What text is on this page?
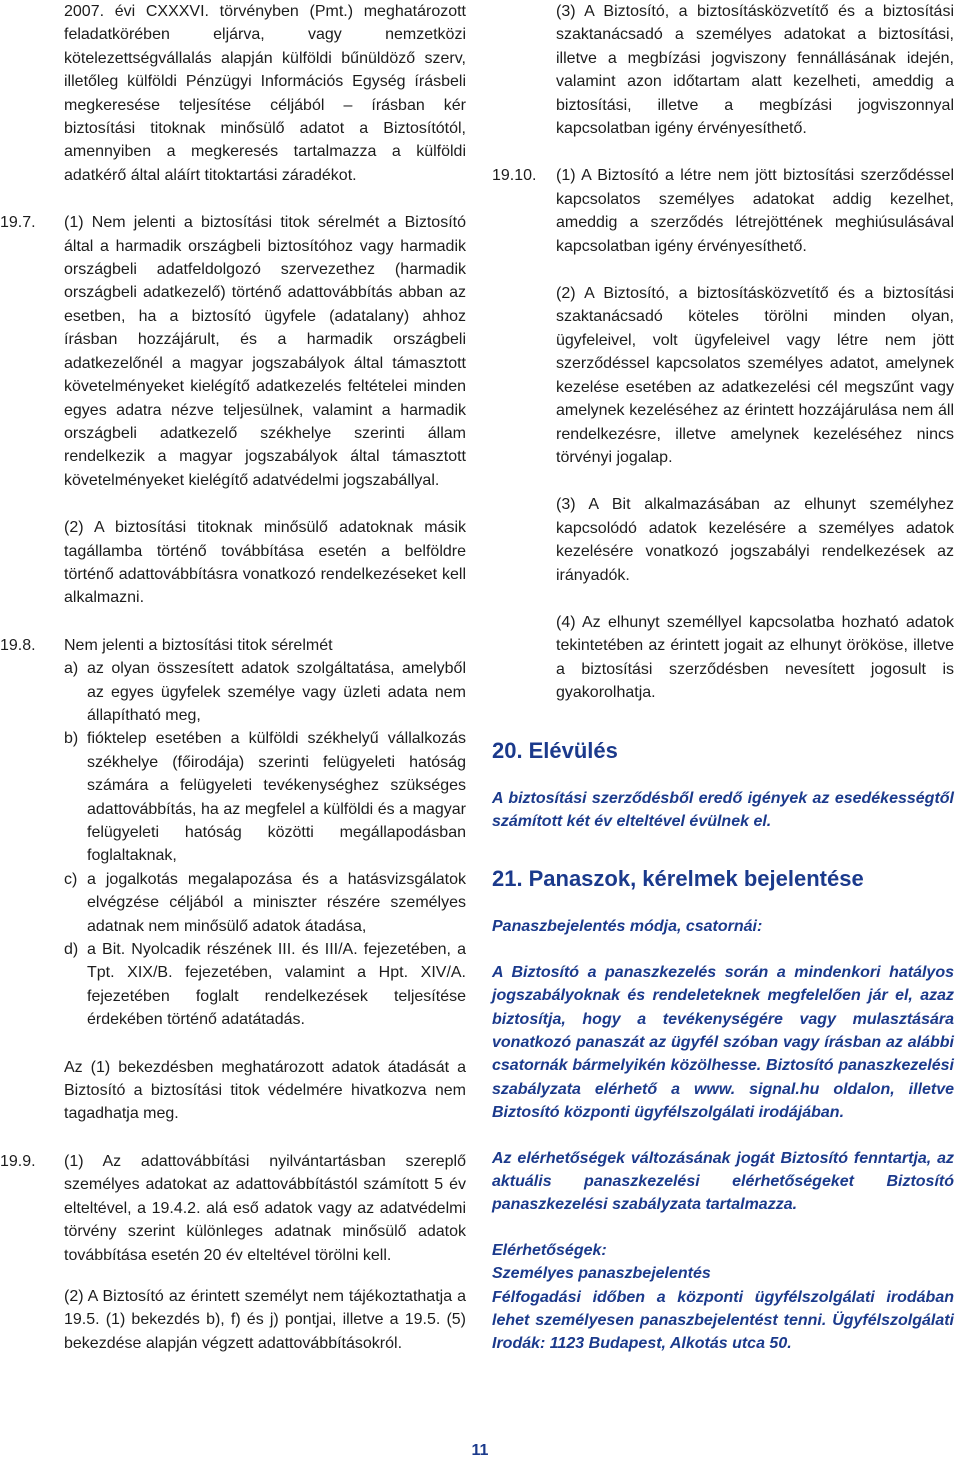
2007. évi CXXXVI. törvényben (Pmt.) meghatározott feladatkörében eljárva, vagy nemzetközi kötelezettségvállalás alapján külföldi bűnüldöző szerv, illetőleg külföldi Pénzügyi Információs Egység írásbeli megkeresése teljesítése céljából – írásban kér biztosítási titoknak minősülő adatot a Biztosítótól, amennyiben a megkeresés tartalmazza a külföldi adatkérő által aláírt titoktartási záradékot.

19.7.	(1) Nem jelenti a biztosítási titok sérelmét a Biztosító által a harmadik országbeli biztosítóhoz vagy harmadik országbeli adatfeldolgozó szervezethez (harmadik országbeli adatkezelő) történő adattovábbítás abban az esetben, ha a biztosító ügyfele (adatalany) ahhoz írásban hozzájárult, és a harmadik országbeli adatkezelőnél a magyar jogszabályok által támasztott követelményeket kielégítő adatkezelés feltételei minden egyes adatra nézve teljesülnek, valamint a harmadik országbeli adatkezelő székhelye szerinti állam rendelkezik a magyar jogszabályok által támasztott követelményeket kielégítő adatvédelmi jogszabállyal.

(2) A biztosítási titoknak minősülő adatoknak másik tagállamba történő továbbítása esetén a belföldre történő adattovábbításra vonatkozó rendelkezéseket kell alkalmazni.

19.8.	Nem jelenti a biztosítási titok sérelmét

a) az olyan összesített adatok szolgáltatása, amelyből az egyes ügyfelek személye vagy üzleti adata nem állapítható meg,
b) fióktelep esetében a külföldi székhelyű vállalkozás székhelye (főirodája) szerinti felügyeleti hatóság számára a felügyeleti tevékenységhez szükséges adattovábbítás, ha az megfelel a külföldi és a magyar felügyeleti hatóság közötti megállapodásban foglaltaknak,
c) a jogalkotás megalapozása és a hatásvizsgálatok elvégzése céljából a miniszter részére személyes adatnak nem minősülő adatok átadása,
d) a Bit. Nyolcadik részének III. és III/A. fejezetében, a Tpt. XIX/B. fejezetében, valamint a Hpt. XIV/A. fejezetében foglalt rendelkezések teljesítése érdekében történő adatátadás.

Az (1) bekezdésben meghatározott adatok átadását a Biztosító a biztosítási titok védelmére hivatkozva nem tagadhatja meg.

19.9.	(1) Az adattovábbítási nyilvántartásban szereplő személyes adatokat az adattovábbítástól számított 5 év elteltével, a 19.4.2. alá eső adatok vagy az adatvédelmi törvény szerint különleges adatnak minősülő adatok továbbítása esetén 20 év elteltével törölni kell.

(2) A Biztosító az érintett személyt nem tájékoztathatja a 19.5. (1) bekezdés b), f) és j) pontjai, illetve a 19.5. (5) bekezdése alapján végzett adattovábbításokról.

(3) A Biztosító, a biztosításközvetítő és a biztosítási szaktanácsadó a személyes adatokat a biztosítási, illetve a megbízási jogviszony fennállásának idején, valamint azon időtartam alatt kezelheti, ameddig a biztosítási, illetve a megbízási jogviszonnyal kapcsolatban igény érvényesíthető.

19.10.	(1) A Biztosító a létre nem jött biztosítási szerződéssel kapcsolatos személyes adatokat addig kezelhet, ameddig a szerződés létrejöttének meghiúsulásával kapcsolatban igény érvényesíthető.

(2) A Biztosító, a biztosításközvetítő és a biztosítási szaktanácsadó köteles törölni minden olyan, ügyfeleivel, volt ügyfeleivel vagy létre nem jött szerződéssel kapcsolatos személyes adatot, amelynek kezelése esetében az adatkezelési cél megszűnt vagy amelynek kezeléséhez az érintett hozzájárulása nem áll rendelkezésre, illetve amelynek kezeléséhez nincs törvényi jogalap.

(3) A Bit alkalmazásában az elhunyt személyhez kapcsolódó adatok kezelésére a személyes adatok kezelésére vonatkozó jogszabályi rendelkezések az irányadók.

(4) Az elhunyt személlyel kapcsolatba hozható adatok tekintetében az érintett jogait az elhunyt örököse, illetve a biztosítási szerződésben nevesített jogosult is gyakorolhatja.

20. Elévülés

A biztosítási szerződésből eredő igények az esedékességtől számított két év elteltével évülnek el.

21. Panaszok, kérelmek bejelentése

Panaszbejelentés módja, csatornái:

A Biztosító a panaszkezelés során a mindenkori hatályos jogszabályoknak és rendeleteknek megfelelően jár el, azaz biztosítja, hogy a tevékenységére vagy mulasztására vonatkozó panaszát az ügyfél szóban vagy írásban az alábbi csatornák bármelyikén közölhesse. Biztosító panaszkezelési szabályzata elérhető a www. signal.hu oldalon, illetve Biztosító központi ügyfélszolgálati irodájában.

Az elérhetőségek változásának jogát Biztosító fenntartja, az aktuális panaszkezelési elérhetőségeket Biztosító panaszkezelési szabályzata tartalmazza.

Elérhetőségek:

Személyes panaszbejelentés

Félfogadási időben a központi ügyfélszolgálati irodában lehet személyesen panaszbejelentést tenni. Ügyfélszolgálati Irodák: 1123 Budapest, Alkotás utca 50.

11
